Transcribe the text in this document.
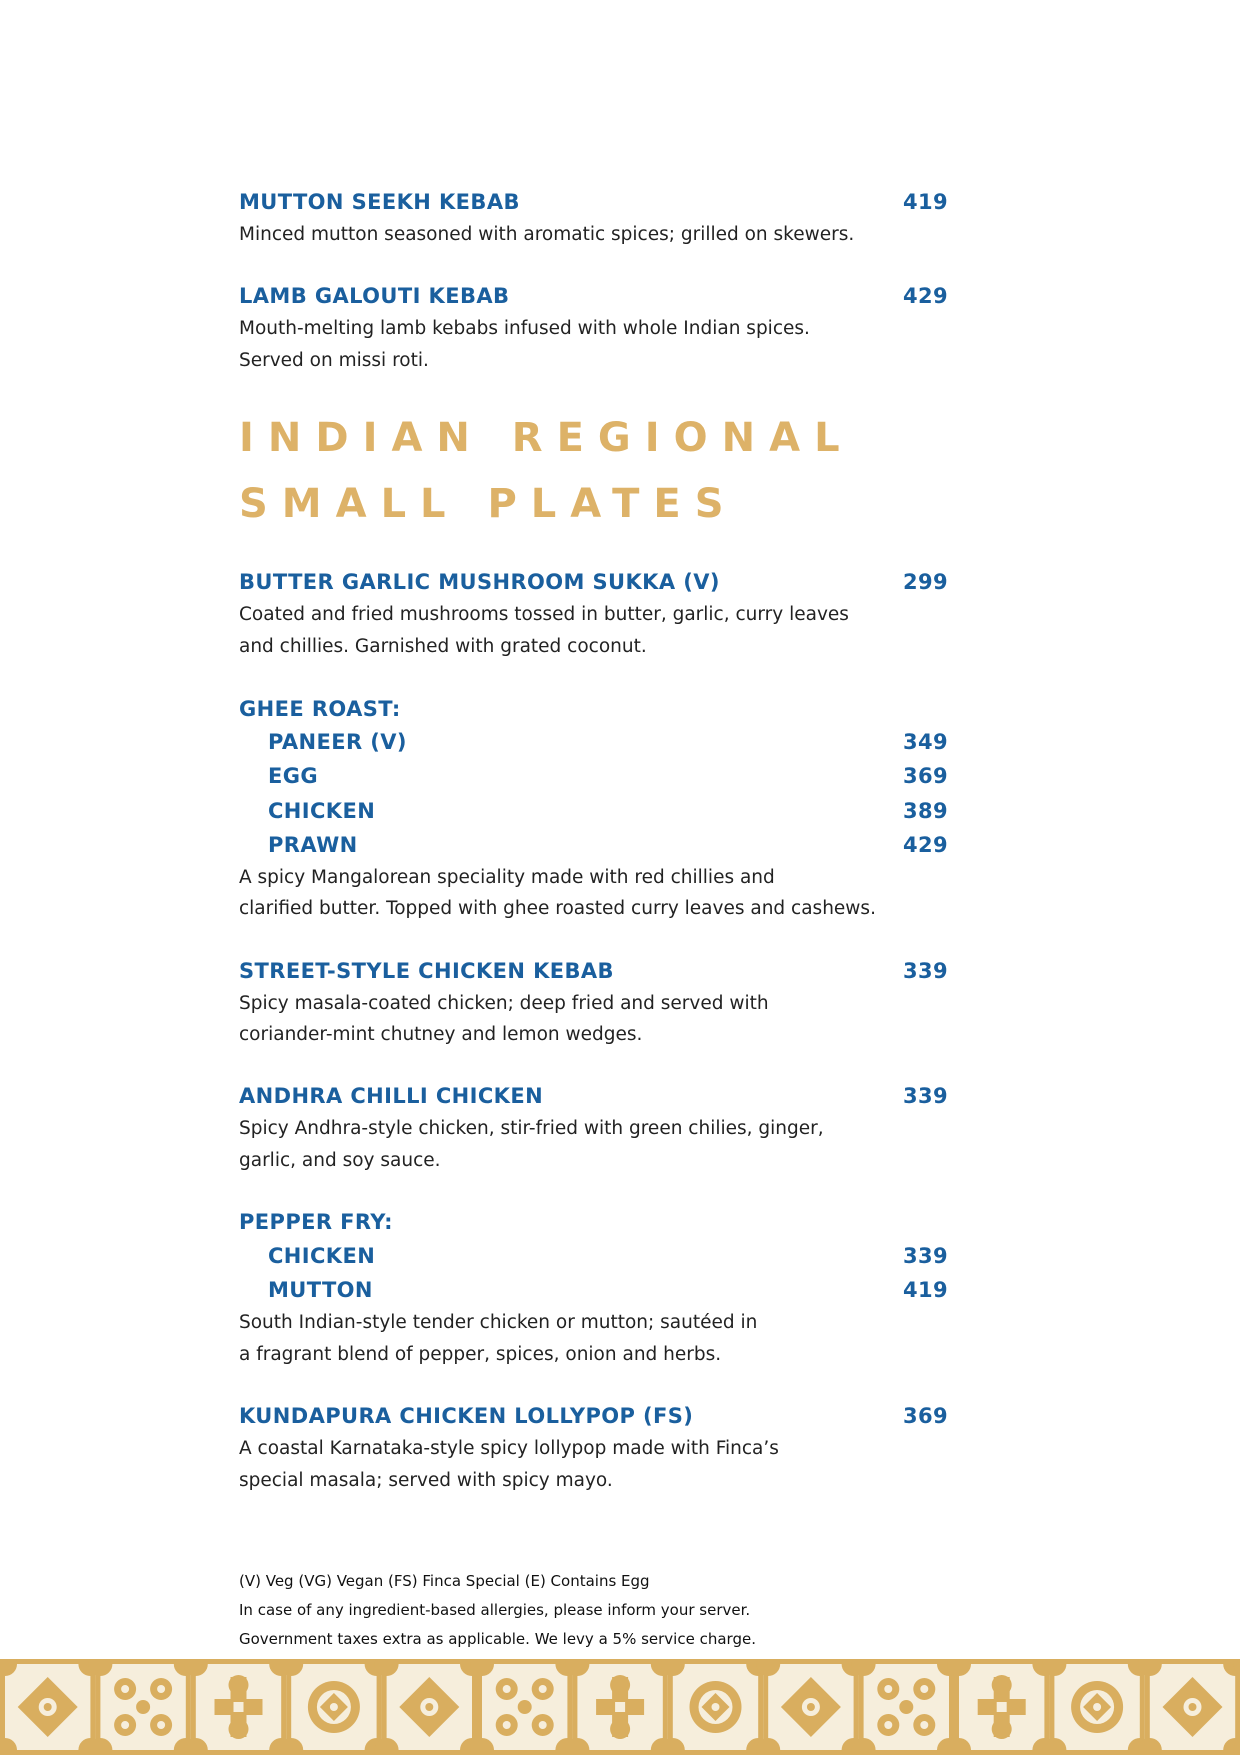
MUTTON SEEKH KEBAB	419
Minced mutton seasoned with aromatic spices; grilled on skewers.
LAMB GALOUTI KEBAB	429
Mouth-melting lamb kebabs infused with whole Indian spices.
Served on missi roti.
INDIAN REGIONAL
SMALL PLATES
BUTTER GARLIC MUSHROOM SUKKA (V)	299
Coated and fried mushrooms tossed in butter, garlic, curry leaves
and chillies. Garnished with grated coconut.
GHEE ROAST:
PANEER (V)	349
EGG	369
CHICKEN	389
PRAWN	429
A spicy Mangalorean speciality made with red chillies and
clarified butter. Topped with ghee roasted curry leaves and cashews.
STREET-STYLE CHICKEN KEBAB	339
Spicy masala-coated chicken; deep fried and served with
coriander-mint chutney and lemon wedges.
ANDHRA CHILLI CHICKEN	339
Spicy Andhra-style chicken, stir-fried with green chilies, ginger,
garlic, and soy sauce.
PEPPER FRY:
CHICKEN	339
MUTTON	419
South Indian-style tender chicken or mutton; sautéed in
a fragrant blend of pepper, spices, onion and herbs.
KUNDAPURA CHICKEN LOLLYPOP (FS)	369
A coastal Karnataka-style spicy lollypop made with Finca’s
special masala; served with spicy mayo.
(V) Veg (VG) Vegan (FS) Finca Special (E) Contains Egg
In case of any ingredient-based allergies, please inform your server.
Government taxes extra as applicable. We levy a 5% service charge.
